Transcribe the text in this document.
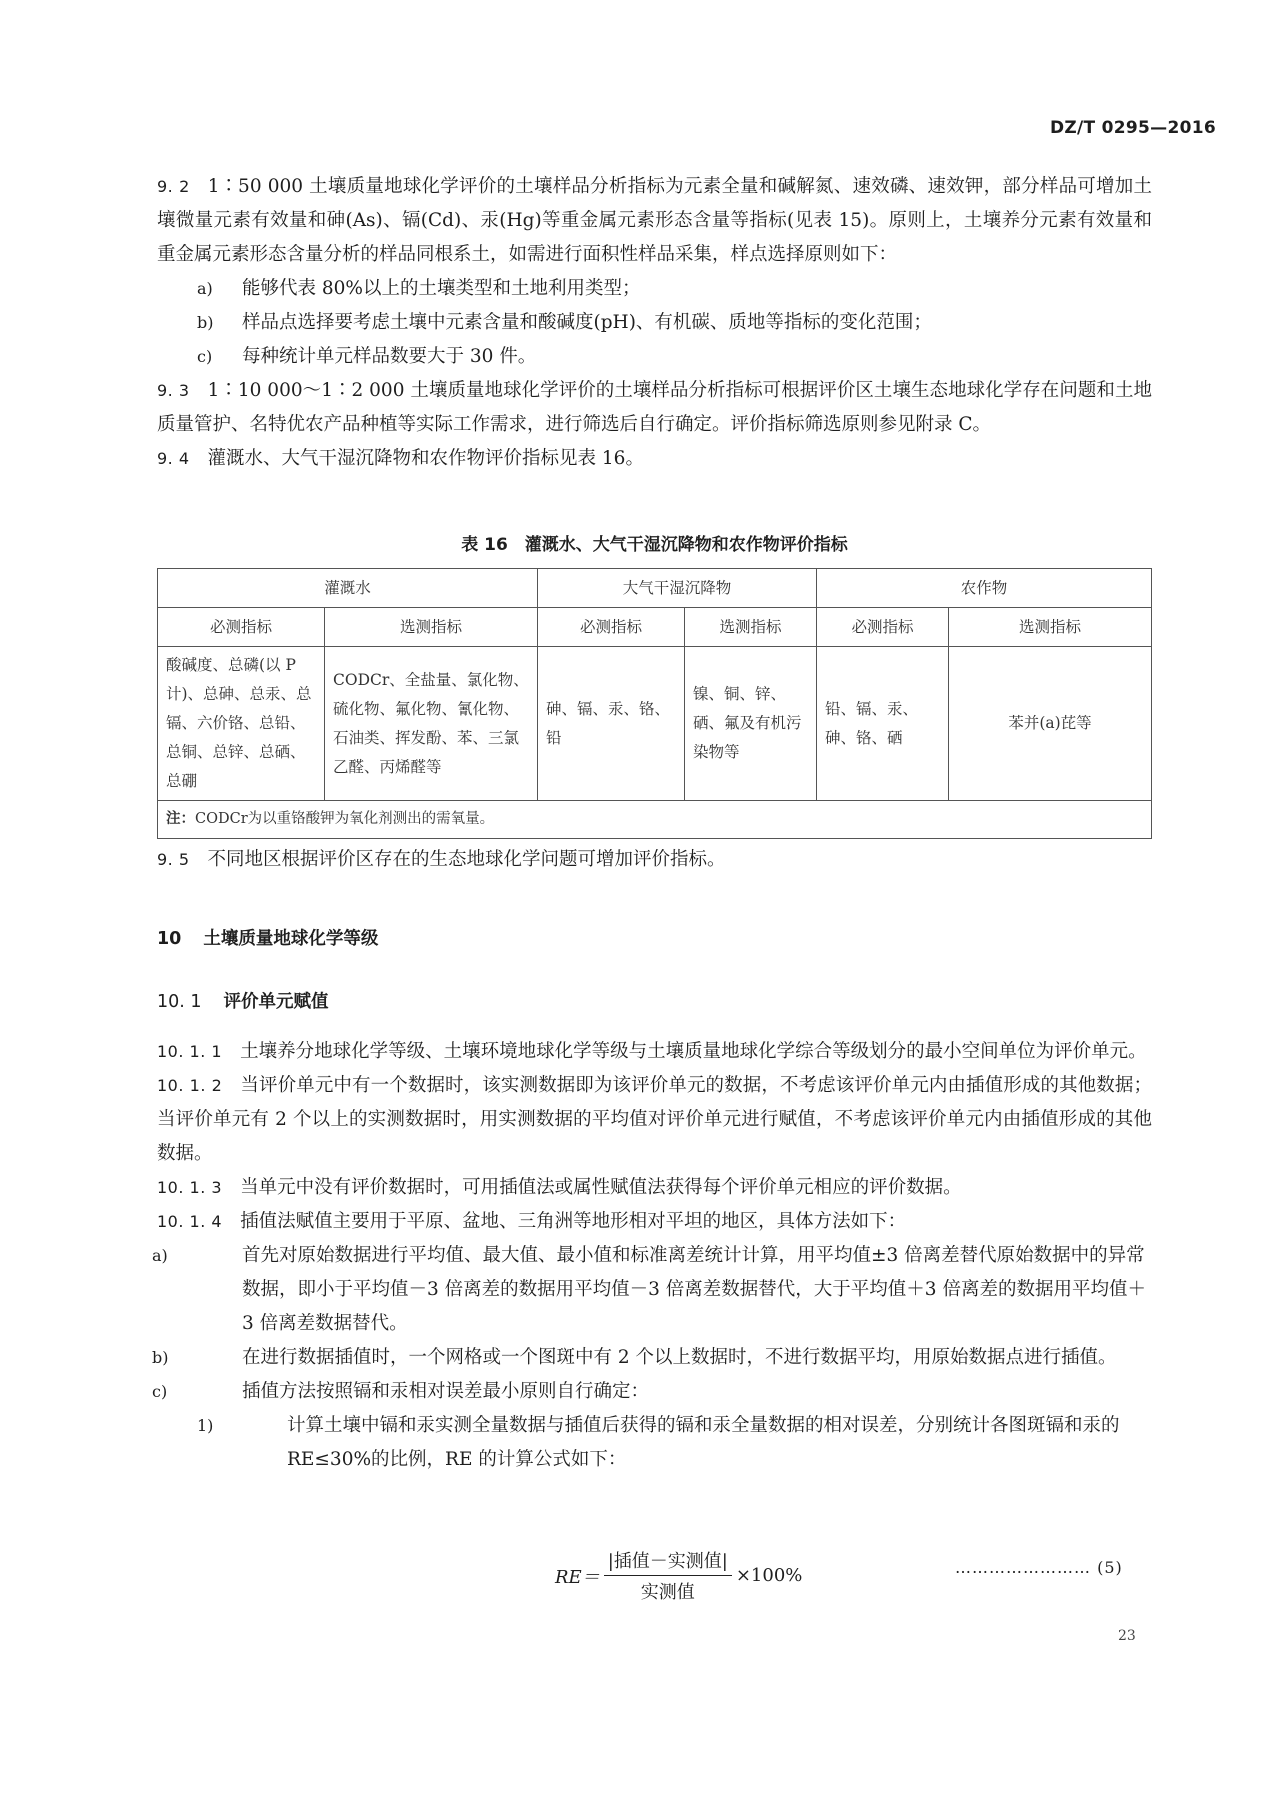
DZ/T 0295—2016

9. 2 1∶50 000 土壤质量地球化学评价的土壤样品分析指标为元素全量和碱解氮、速效磷、速效钾，部分样品可增加土壤微量元素有效量和砷(As)、镉(Cd)、汞(Hg)等重金属元素形态含量等指标(见表 15)。原则上，土壤养分元素有效量和重金属元素形态含量分析的样品同根系土，如需进行面积性样品采集，样点选择原则如下：

a) 能够代表 80%以上的土壤类型和土地利用类型；

b) 样品点选择要考虑土壤中元素含量和酸碱度(pH)、有机碳、质地等指标的变化范围；

c) 每种统计单元样品数要大于 30 件。

9. 3 1∶10 000～1∶2 000 土壤质量地球化学评价的土壤样品分析指标可根据评价区土壤生态地球化学存在问题和土地质量管护、名特优农产品种植等实际工作需求，进行筛选后自行确定。评价指标筛选原则参见附录 C。

9. 4 灌溉水、大气干湿沉降物和农作物评价指标见表 16。

表 16　灌溉水、大气干湿沉降物和农作物评价指标
灌溉水		大气干湿沉降物		农作物	
必测指标	选测指标	必测指标	选测指标	必测指标	选测指标
酸碱度、总磷(以 P 计)、总砷、总汞、总镉、六价铬、总铅、总铜、总锌、总硒、总硼	CODCr、全盐量、氯化物、硫化物、氟化物、氰化物、石油类、挥发酚、苯、三氯乙醛、丙烯醛等	砷、镉、汞、铬、铅	镍、铜、锌、硒、氟及有机污染物等	铅、镉、汞、砷、铬、硒	苯并(a)芘等
注：CODCr为以重铬酸钾为氧化剂测出的需氧量。					

9. 5 不同地区根据评价区存在的生态地球化学问题可增加评价指标。

10 土壤质量地球化学等级
10. 1 评价单元赋值

10. 1. 1 土壤养分地球化学等级、土壤环境地球化学等级与土壤质量地球化学综合等级划分的最小空间单位为评价单元。

10. 1. 2 当评价单元中有一个数据时，该实测数据即为该评价单元的数据，不考虑该评价单元内由插值形成的其他数据；当评价单元有 2 个以上的实测数据时，用实测数据的平均值对评价单元进行赋值，不考虑该评价单元内由插值形成的其他数据。

10. 1. 3 当单元中没有评价数据时，可用插值法或属性赋值法获得每个评价单元相应的评价数据。

10. 1. 4 插值法赋值主要用于平原、盆地、三角洲等地形相对平坦的地区，具体方法如下：

a)	首先对原始数据进行平均值、最大值、最小值和标准离差统计计算，用平均值±3 倍离差替代原始数据中的异常数据，即小于平均值－3 倍离差的数据用平均值－3 倍离差数据替代，大于平均值＋3 倍离差的数据用平均值＋3 倍离差数据替代。

b)	在进行数据插值时，一个网格或一个图斑中有 2 个以上数据时，不进行数据平均，用原始数据点进行插值。

c)	插值方法按照镉和汞相对误差最小原则自行确定：

1)	计算土壤中镉和汞实测全量数据与插值后获得的镉和汞全量数据的相对误差，分别统计各图斑镉和汞的 RE≤30%的比例，RE 的计算公式如下：

$RE= \frac{\text{|插值－实测值|}}{\text{实测值}} \times 100\%$	…………………… (5)
23
